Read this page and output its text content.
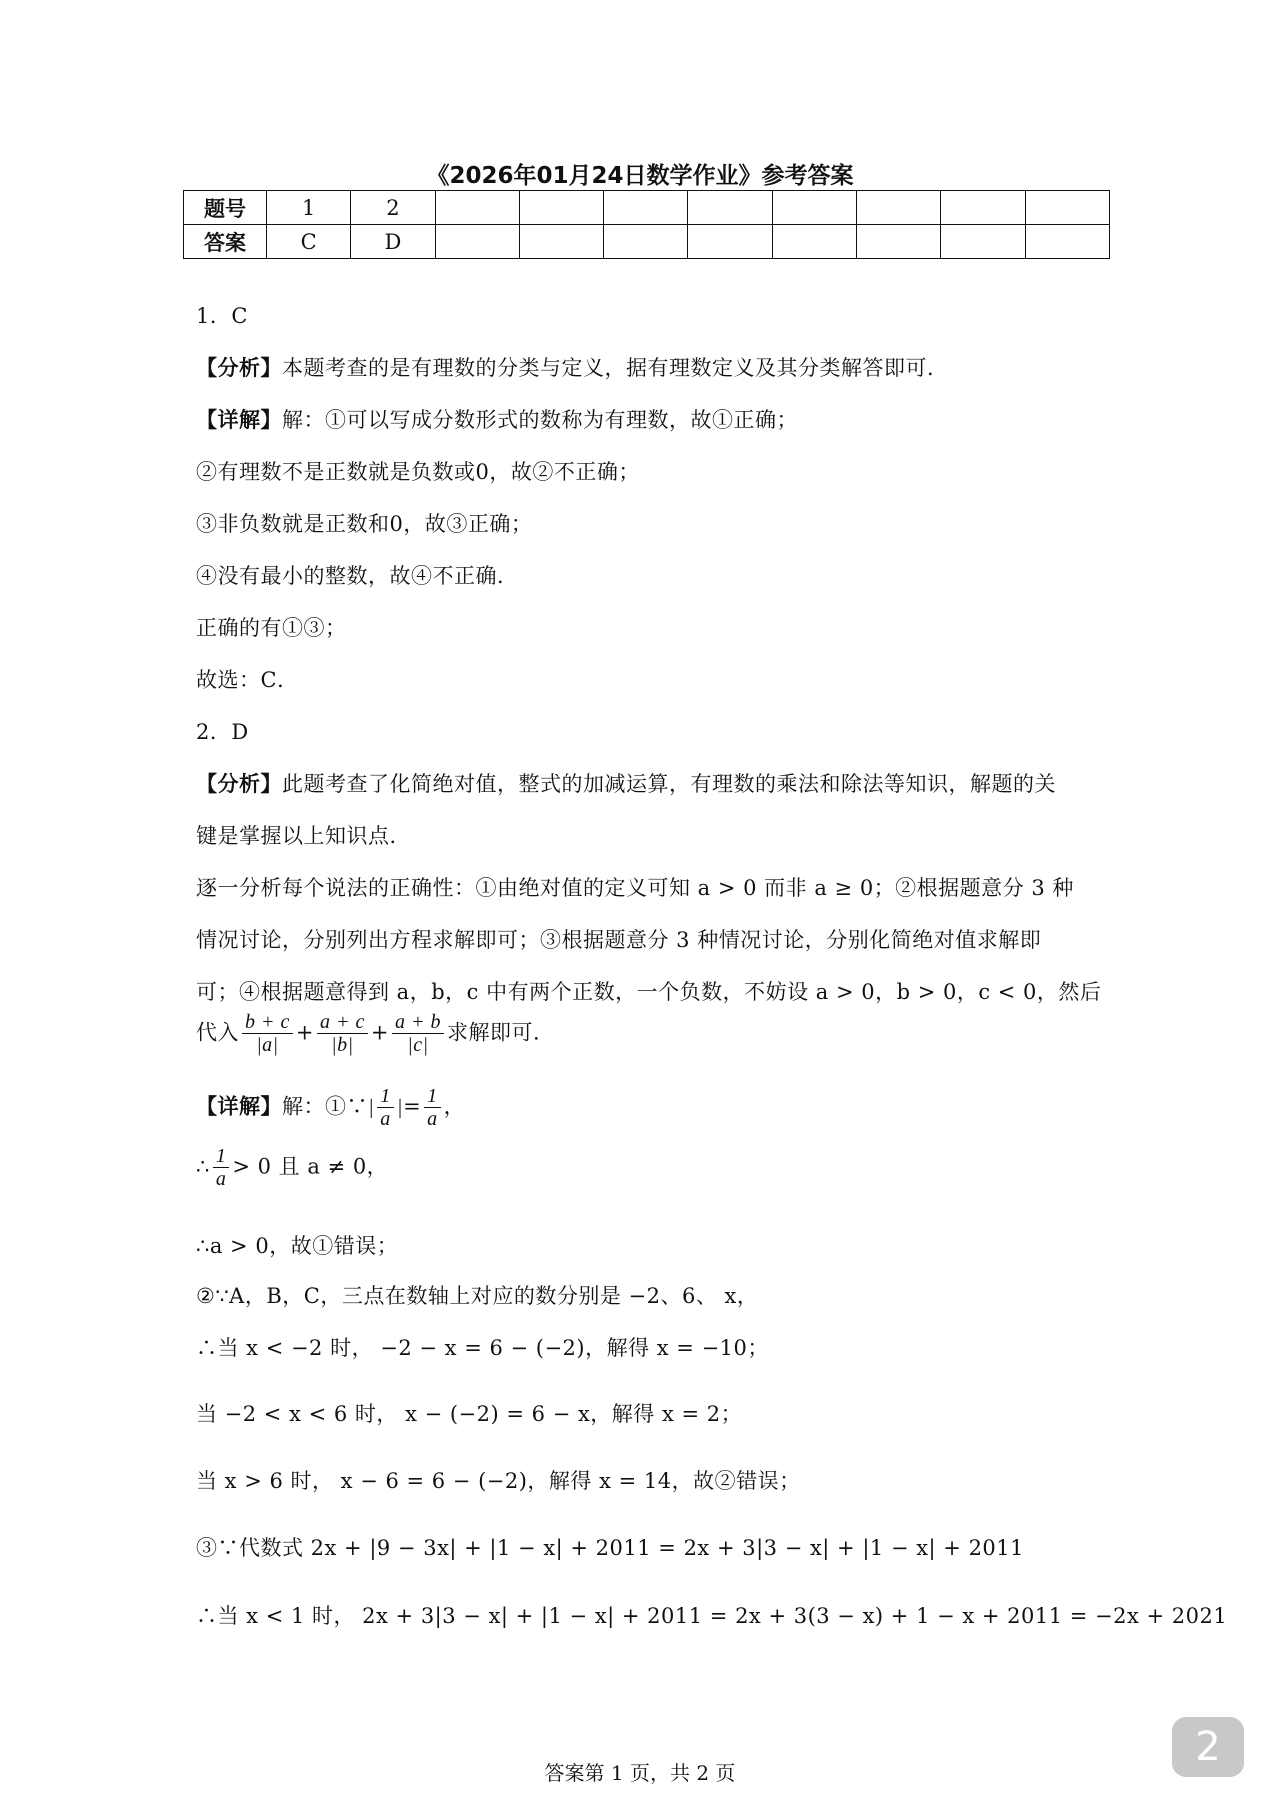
《2026年01月24日数学作业》参考答案
题号	1	2								
答案	C	D								
1．C
【分析】本题考查的是有理数的分类与定义，据有理数定义及其分类解答即可．
【详解】解：①可以写成分数形式的数称为有理数，故①正确；
②有理数不是正数就是负数或0，故②不正确；
③非负数就是正数和0，故③正确；
④没有最小的整数，故④不正确．
正确的有①③；
故选：C．
2．D
【分析】此题考查了化简绝对值，整式的加减运算，有理数的乘法和除法等知识，解题的关
键是掌握以上知识点．
逐一分析每个说法的正确性：①由绝对值的定义可知 a > 0 而非 a ≥ 0；②根据题意分 3 种
情况讨论，分别列出方程求解即可；③根据题意分 3 种情况讨论，分别化简绝对值求解即
可；④根据题意得到 a，b，c 中有两个正数，一个负数，不妨设 a > 0，b > 0，c < 0，然后
代入 $\frac{b + c}{|a|} + \frac{a + c}{|b|} + \frac{a + b}{|c|}$ 求解即可．
【详解】解：①∵| $\frac{1}{a}$ |= $\frac{1}{a}$ ，
∴ $\frac{1}{a} > 0$ 且 a ≠ 0，
∴a > 0，故①错误；
②∵A，B，C，三点在数轴上对应的数分别是 −2、6、 x，
∴当 x < −2 时， −2 − x = 6 − (−2)，解得 x = −10；
当 −2 < x < 6 时， x − (−2) = 6 − x，解得 x = 2；
当 x > 6 时， x − 6 = 6 − (−2)，解得 x = 14，故②错误；
③∵代数式 2x + |9 − 3x| + |1 − x| + 2011 = 2x + 3|3 − x| + |1 − x| + 2011
∴当 x < 1 时， 2x + 3|3 − x| + |1 − x| + 2011 = 2x + 3(3 − x) + 1 − x + 2011 = −2x + 2021
答案第 1 页，共 2 页
2
